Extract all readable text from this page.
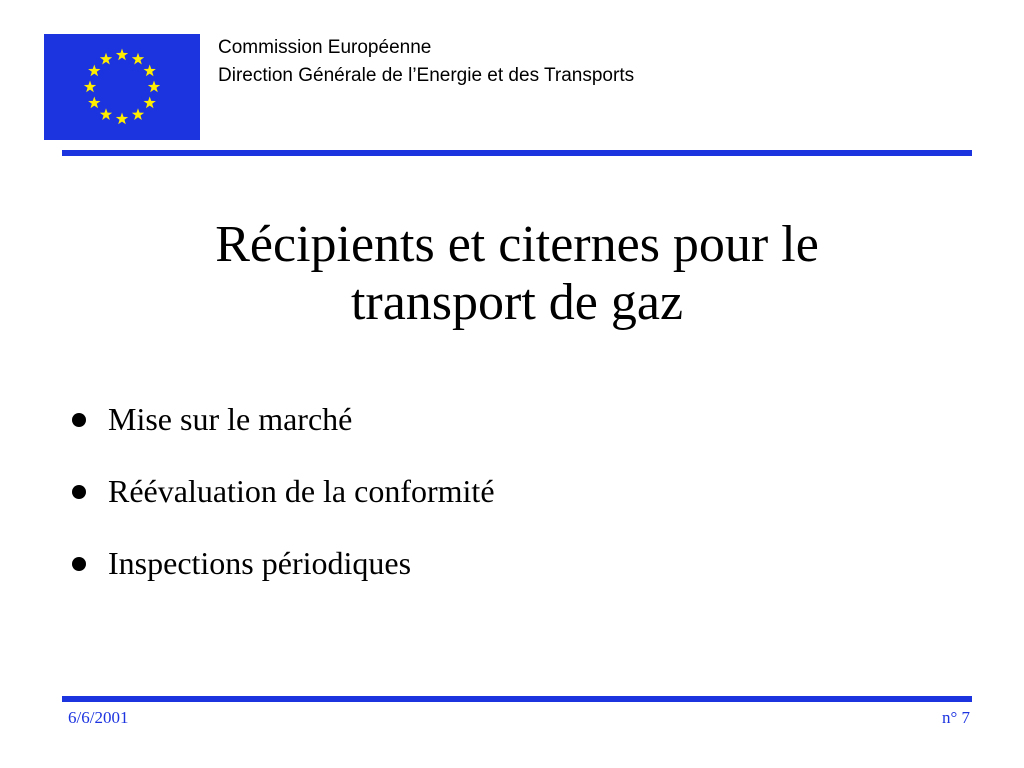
Commission Européenne
Direction Générale de l’Energie et des Transports
Récipients et citernes pour le
transport de gaz
Mise sur le marché
Réévaluation de la conformité
Inspections périodiques
6/6/2001	n° 7
